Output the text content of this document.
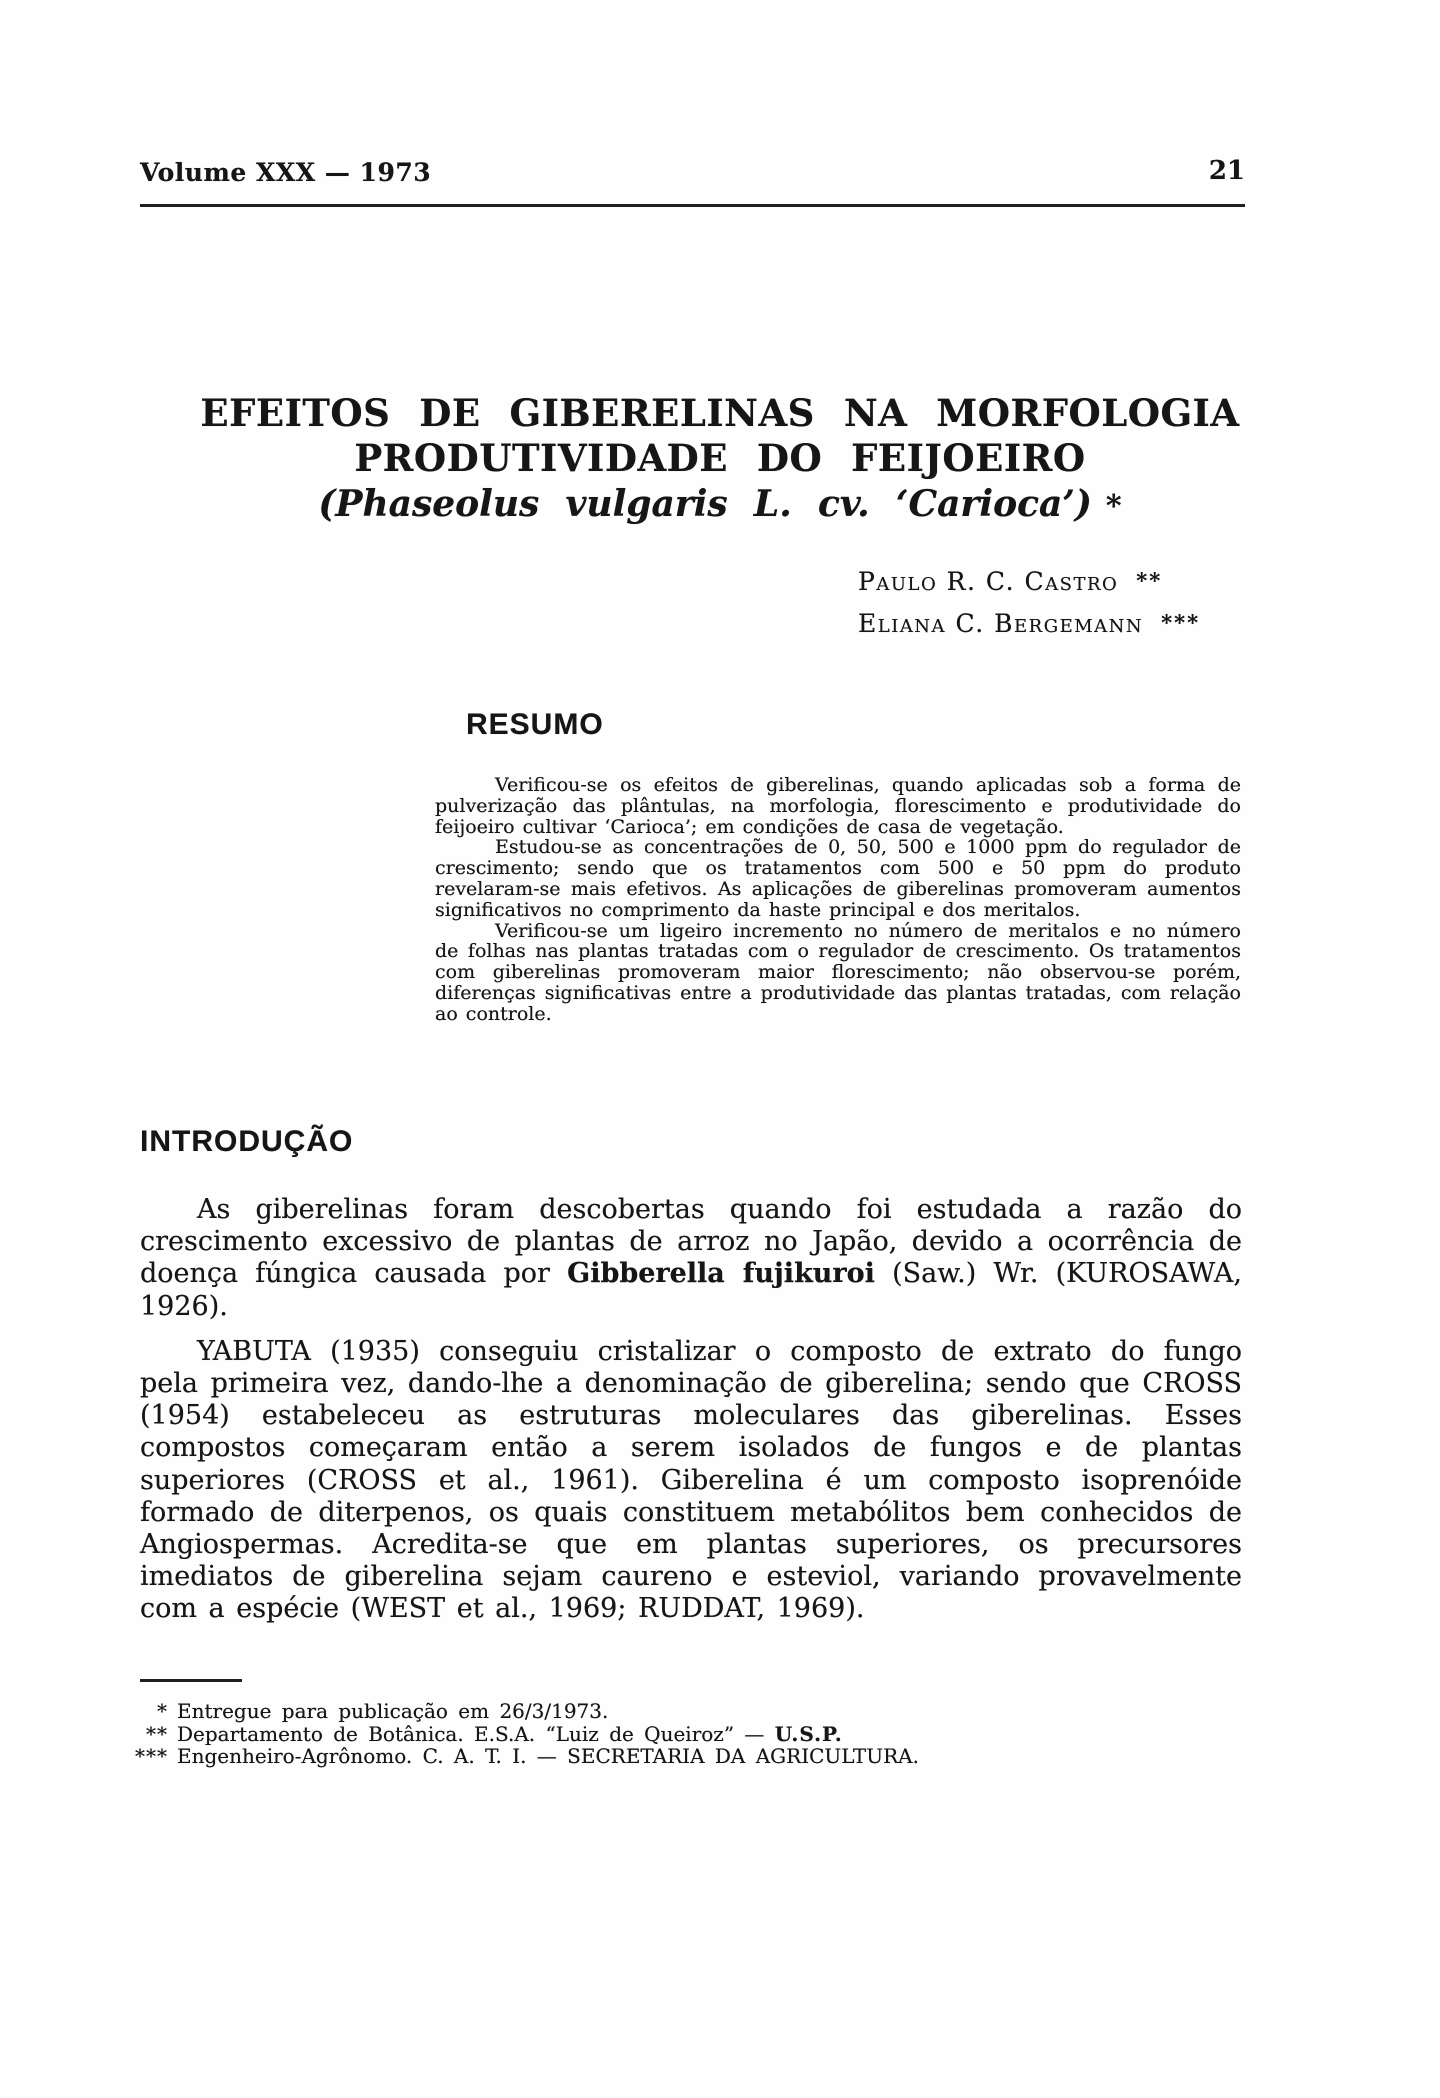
Volume XXX — 1973	21
EFEITOS DE GIBERELINAS NA MORFOLOGIA
PRODUTIVIDADE DO FEIJOEIRO
(Phaseolus vulgaris L. cv. ‘Carioca’) *
Paulo R. C. Castro **
Eliana C. Bergemann ***
RESUMO

Verificou-se os efeitos de giberelinas, quando aplicadas sob a forma de pulverização das plântulas, na morfologia, florescimento e produtividade do feijoeiro cultivar ‘Carioca’; em condições de casa de vegetação.

Estudou-se as concentrações de 0, 50, 500 e 1000 ppm do regulador de crescimento; sendo que os tratamentos com 500 e 50 ppm do produto revelaram-se mais efetivos. As aplicações de giberelinas promoveram aumentos significativos no comprimento da haste principal e dos meritalos.

Verificou-se um ligeiro incremento no número de meritalos e no número de folhas nas plantas tratadas com o regulador de crescimento. Os tratamentos com giberelinas promoveram maior florescimento; não observou-se porém, diferenças significativas entre a produtividade das plantas tratadas, com relação ao controle.

INTRODUÇÃO

As giberelinas foram descobertas quando foi estudada a razão do crescimento excessivo de plantas de arroz no Japão, devido a ocorrência de doença fúngica causada por Gibberella fujikuroi (Saw.) Wr. (KUROSAWA, 1926).

YABUTA (1935) conseguiu cristalizar o composto de extrato do fungo pela primeira vez, dando-lhe a denominação de giberelina; sendo que CROSS (1954) estabeleceu as estruturas moleculares das giberelinas. Esses compostos começaram então a serem isolados de fungos e de plantas superiores (CROSS et al., 1961). Giberelina é um composto isoprenóide formado de diterpenos, os quais constituem metabólitos bem conhecidos de Angiospermas. Acredita-se que em plantas superiores, os precursores imediatos de giberelina sejam caureno e esteviol, variando provavelmente com a espécie (WEST et al., 1969; RUDDAT, 1969).

* Entregue para publicação em 26/3/1973.
** Departamento de Botânica. E.S.A. “Luiz de Queiroz” — U.S.P.
*** Engenheiro-Agrônomo. C. A. T. I. — SECRETARIA DA AGRICULTURA.
